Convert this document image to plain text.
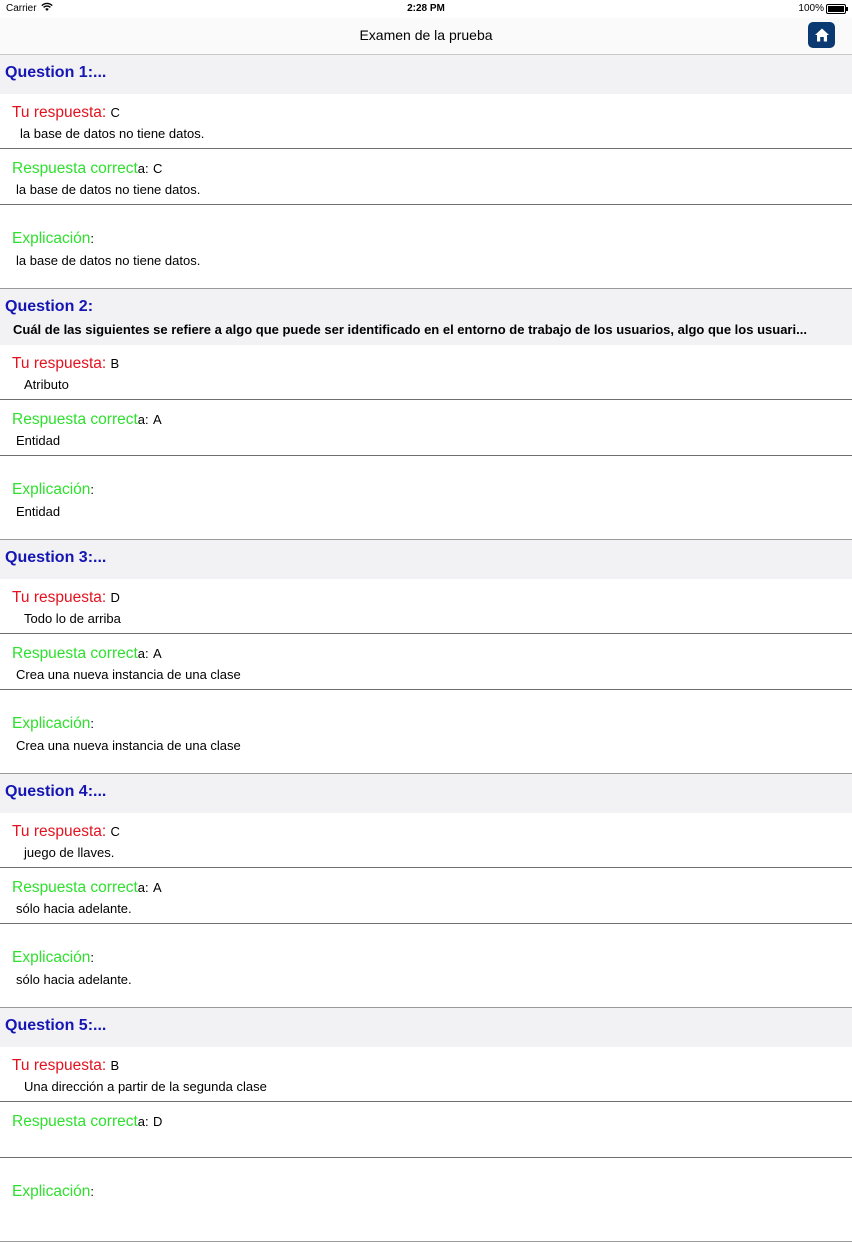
Carrier	2:28 PM	100%
Examen de la prueba
Question 1:...
Tu respuesta: C
la base de datos no tiene datos.
Respuesta correcta: C
la base de datos no tiene datos.
Explicación:
la base de datos no tiene datos.
Question 2:
Cuál de las siguientes se refiere a algo que puede ser identificado en el entorno de trabajo de los usuarios, algo que los usuari...
Tu respuesta: B
Atributo
Respuesta correcta: A
Entidad
Explicación:
Entidad
Question 3:...
Tu respuesta: D
Todo lo de arriba
Respuesta correcta: A
Crea una nueva instancia de una clase
Explicación:
Crea una nueva instancia de una clase
Question 4:...
Tu respuesta: C
juego de llaves.
Respuesta correcta: A
sólo hacia adelante.
Explicación:
sólo hacia adelante.
Question 5:...
Tu respuesta: B
Una dirección a partir de la segunda clase
Respuesta correcta: D
Explicación:
